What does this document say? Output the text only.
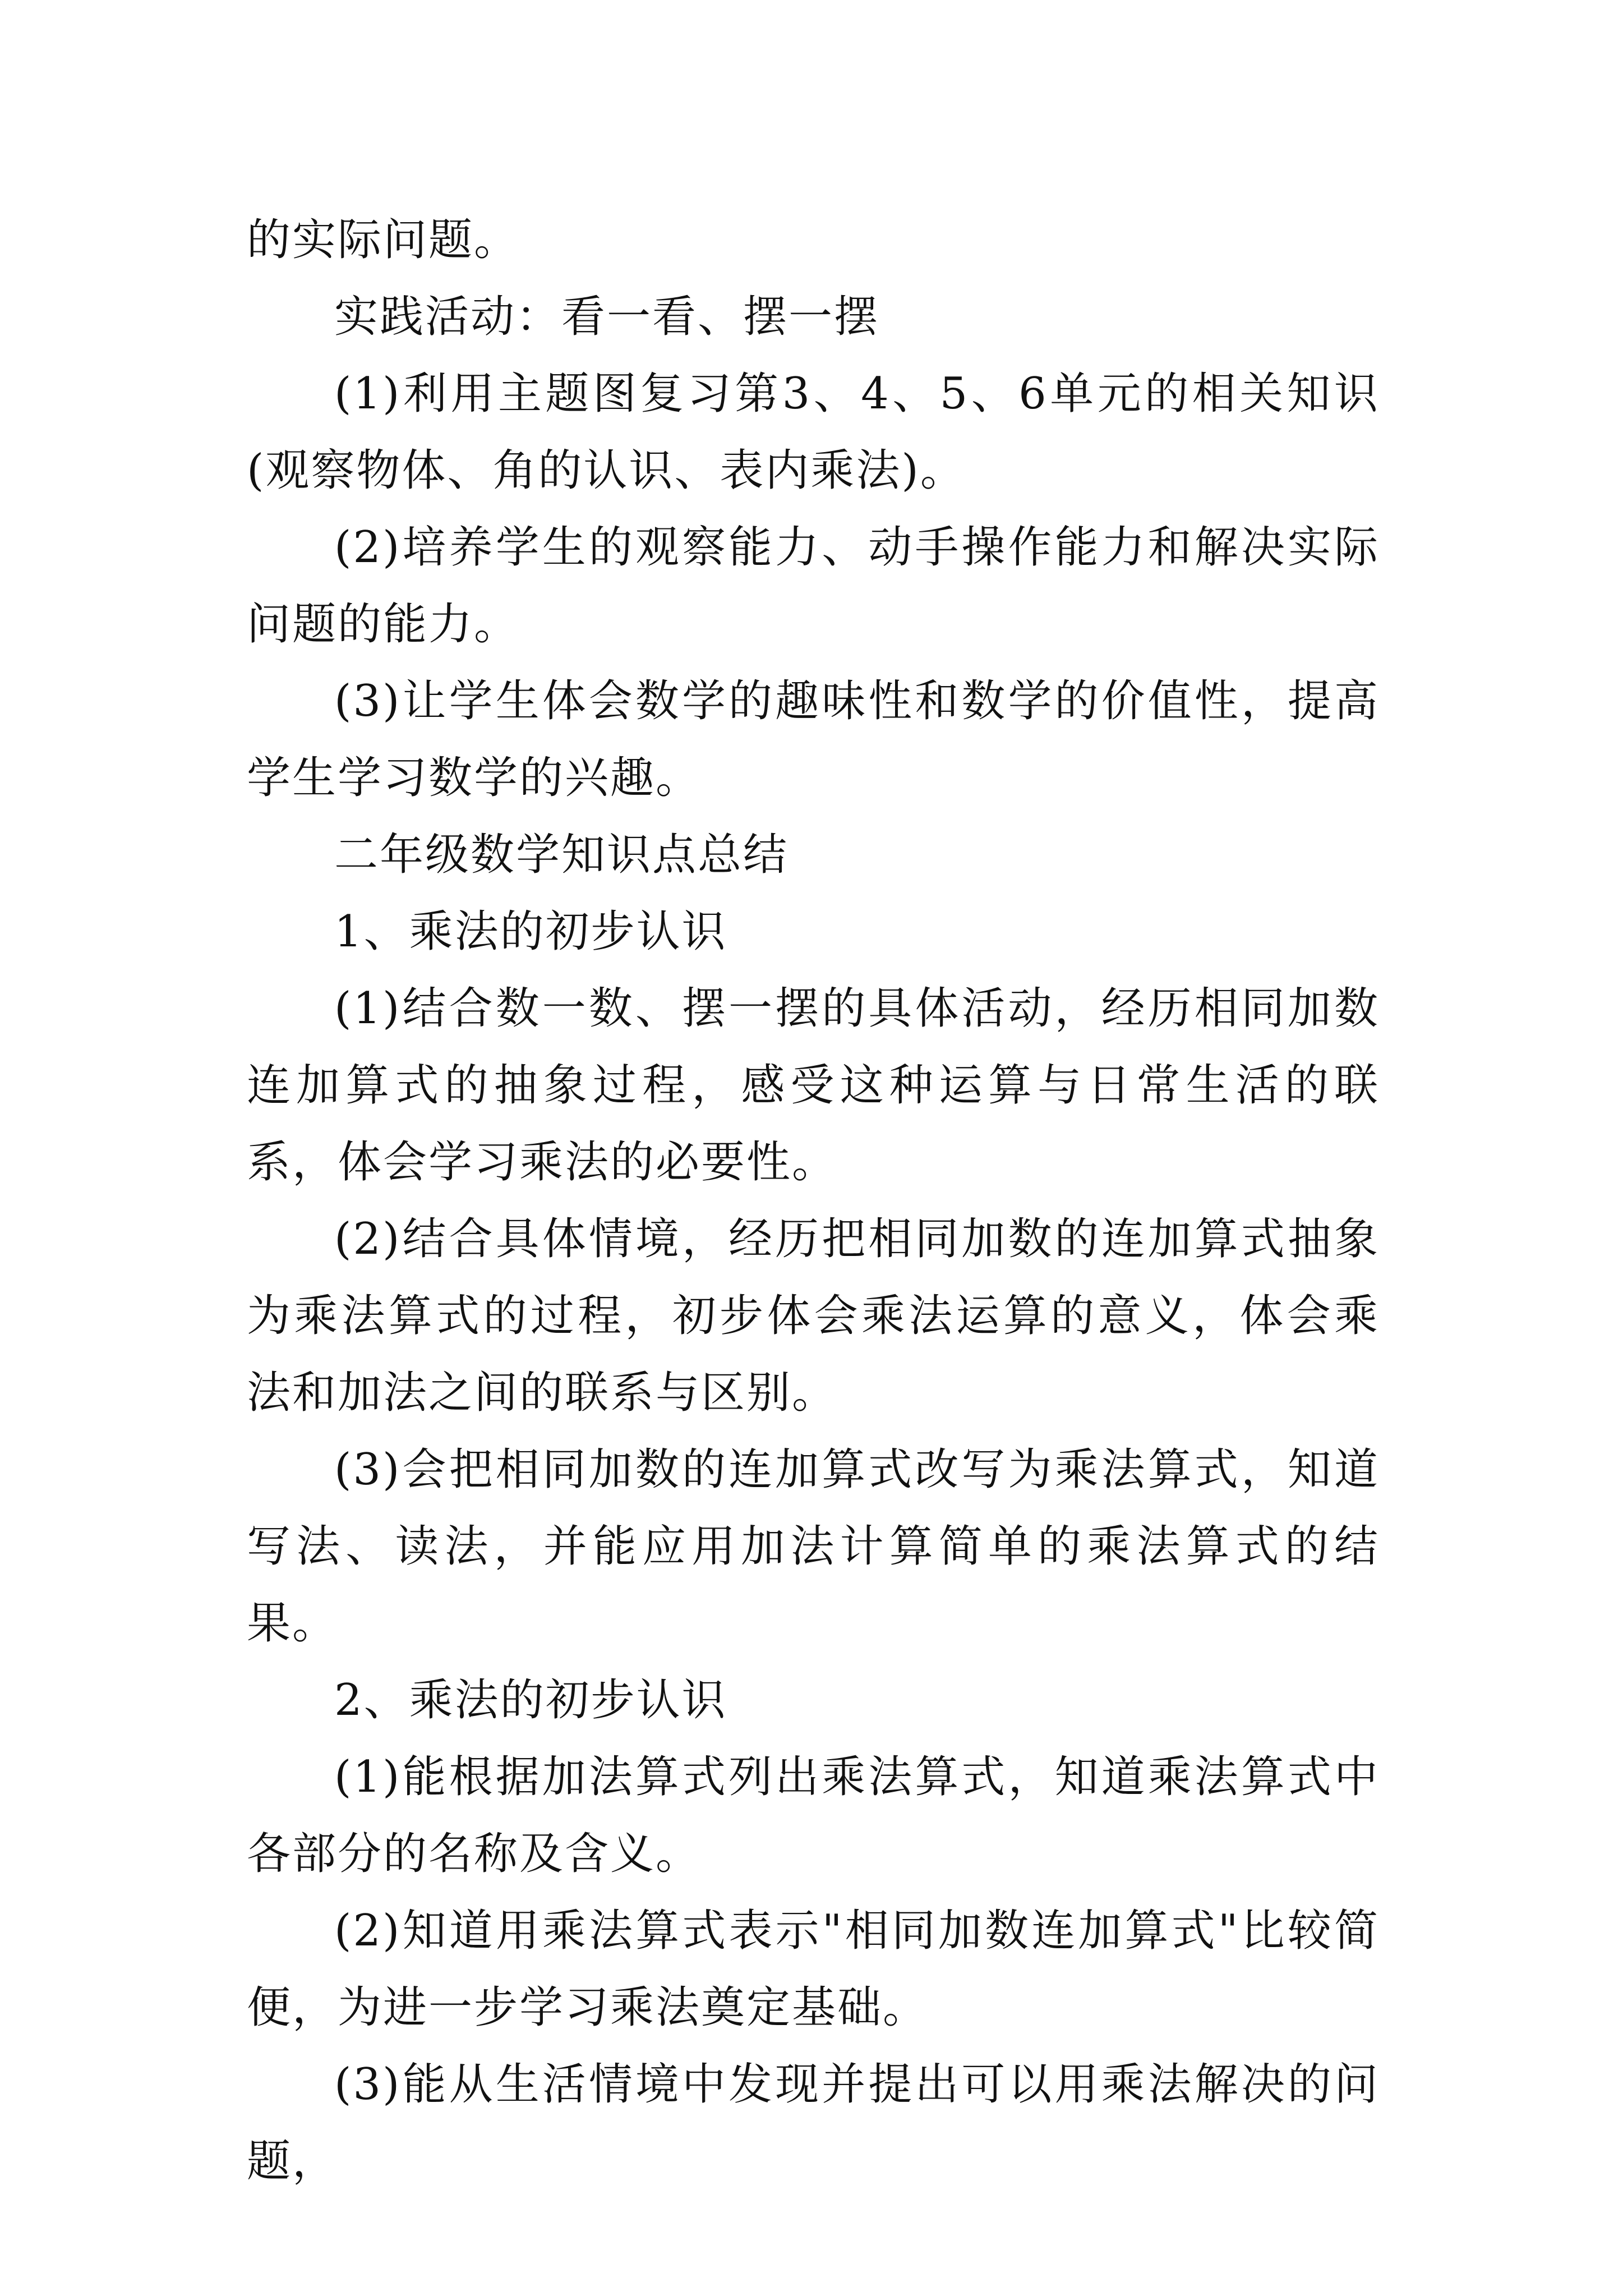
的实际问题。

实践活动：看一看、摆一摆

(1)利用主题图复习第3、4、5、6单元的相关知识(观察物体、角的认识、表内乘法)。

(2)培养学生的观察能力、动手操作能力和解决实际问题的能力。

(3)让学生体会数学的趣味性和数学的价值性，提高学生学习数学的兴趣。

二年级数学知识点总结

1、乘法的初步认识

(1)结合数一数、摆一摆的具体活动，经历相同加数连加算式的抽象过程，感受这种运算与日常生活的联系，体会学习乘法的必要性。

(2)结合具体情境，经历把相同加数的连加算式抽象为乘法算式的过程，初步体会乘法运算的意义，体会乘法和加法之间的联系与区别。

(3)会把相同加数的连加算式改写为乘法算式，知道写法、读法，并能应用加法计算简单的乘法算式的结果。

2、乘法的初步认识

(1)能根据加法算式列出乘法算式，知道乘法算式中各部分的名称及含义。

(2)知道用乘法算式表示"相同加数连加算式"比较简便，为进一步学习乘法奠定基础。

(3)能从生活情境中发现并提出可以用乘法解决的问题，
